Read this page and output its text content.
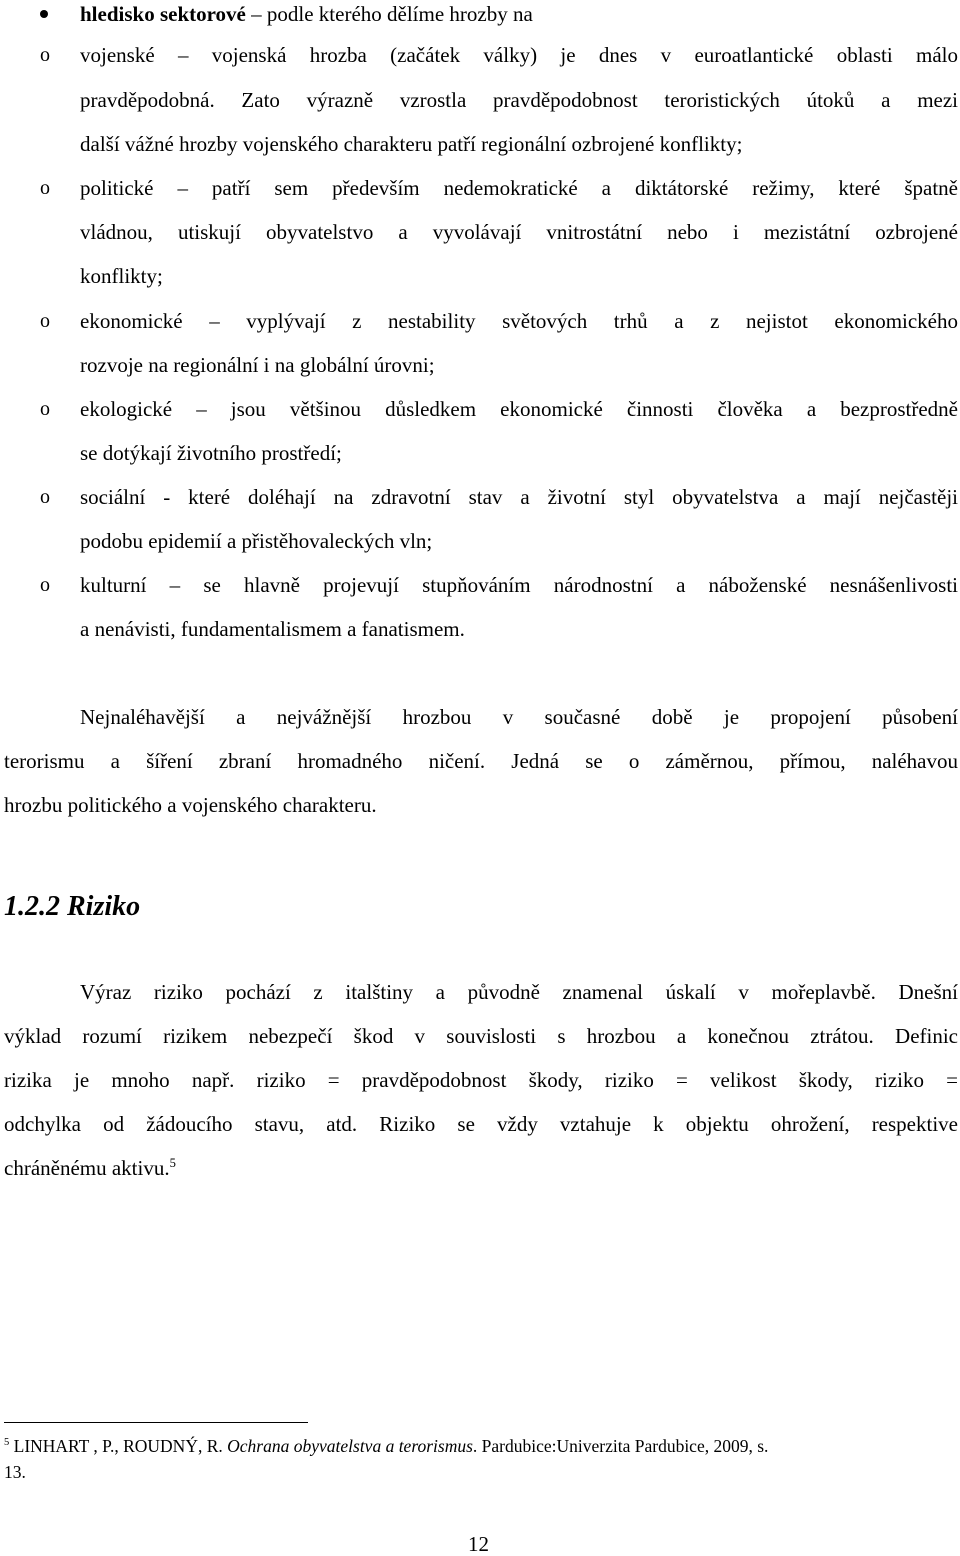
hledisko sektorové – podle kterého dělíme hrozby na
o vojenské – vojenská hrozba (začátek války) je dnes v euroatlantické oblasti málo
pravděpodobná. Zato výrazně vzrostla pravděpodobnost teroristických útoků a mezi
další vážné hrozby vojenského charakteru patří regionální ozbrojené konflikty;
o politické – patří sem především nedemokratické a diktátorské režimy, které špatně
vládnou, utiskují obyvatelstvo a vyvolávají vnitrostátní nebo i mezistátní ozbrojené
konflikty;
o ekonomické – vyplývají z nestability světových trhů a z nejistot ekonomického
rozvoje na regionální i na globální úrovni;
o ekologické – jsou většinou důsledkem ekonomické činnosti člověka a bezprostředně
se dotýkají životního prostředí;
o sociální - které doléhají na zdravotní stav a životní styl obyvatelstva a mají nejčastěji
podobu epidemií a přistěhovaleckých vln;
o kulturní – se hlavně projevují stupňováním národnostní a náboženské nesnášenlivosti
a nenávisti, fundamentalismem a fanatismem.
Nejnaléhavější a nejvážnější hrozbou v současné době je propojení působení
terorismu a šíření zbraní hromadného ničení. Jedná se o záměrnou, přímou, naléhavou
hrozbu politického a vojenského charakteru.
1.2.2 Riziko
Výraz riziko pochází z italštiny a původně znamenal úskalí v mořeplavbě. Dnešní
výklad rozumí rizikem nebezpečí škod v souvislosti s hrozbou a konečnou ztrátou. Definic
rizika je mnoho např. riziko = pravděpodobnost škody, riziko = velikost škody, riziko =
odchylka od žádoucího stavu, atd. Riziko se vždy vztahuje k objektu ohrožení, respektive
chráněnému aktivu.$^5$
$^5$ LINHART , P., ROUDNÝ, R. Ochrana obyvatelstva a terorismus. Pardubice:Univerzita Pardubice, 2009, s.
13.
12
